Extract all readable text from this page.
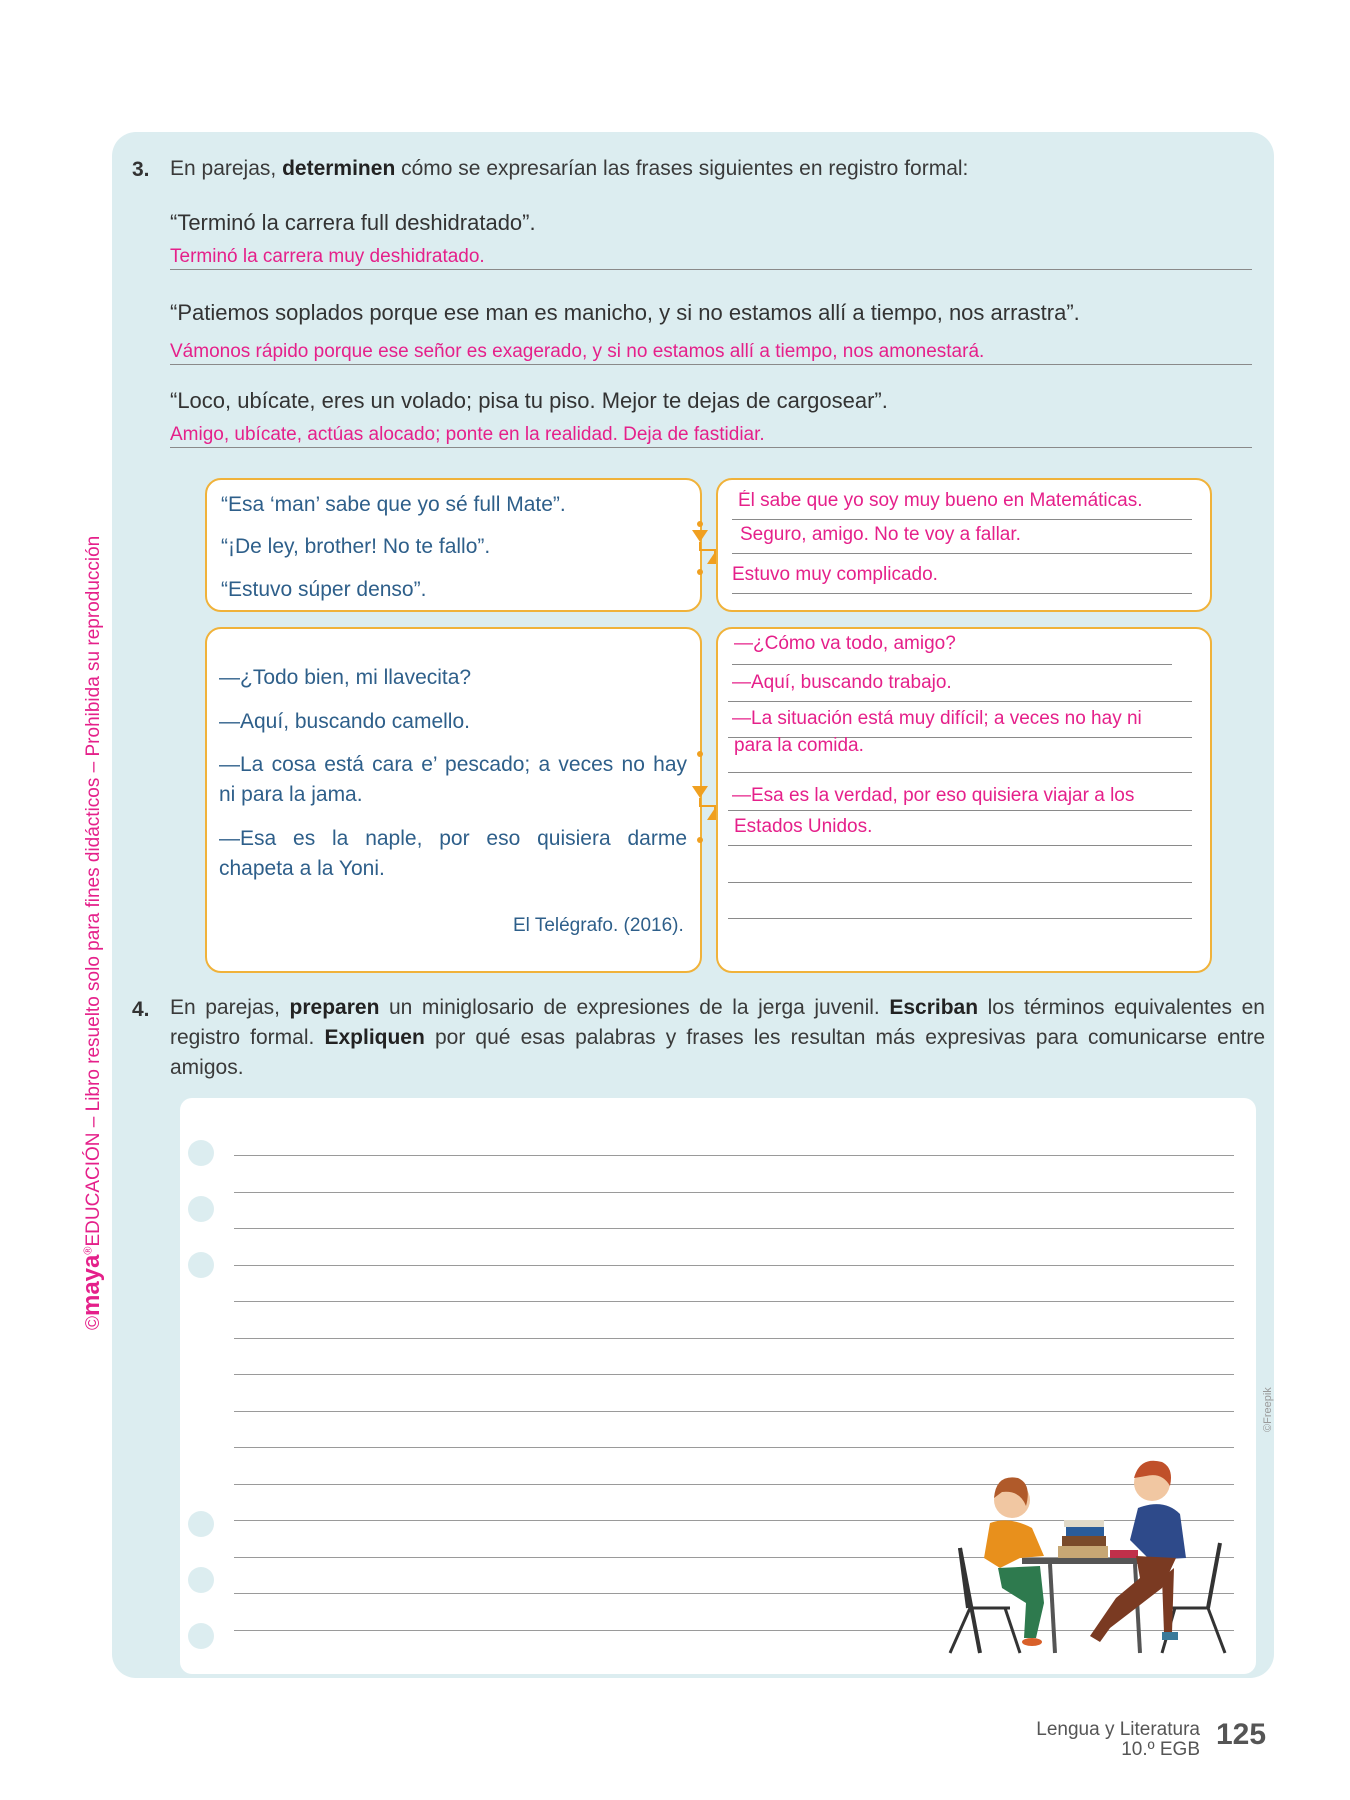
©maya®EDUCACIÓN – Libro resuelto solo para fines didácticos – Prohibida su reproducción
3. En parejas, determinen cómo se expresarían las frases siguientes en registro formal:
“Terminó la carrera full deshidratado”.
Terminó la carrera muy deshidratado.
“Patiemos soplados porque ese man es manicho, y si no estamos allí a tiempo, nos arrastra”.
Vámonos rápido porque ese señor es exagerado, y si no estamos allí a tiempo, nos amonestará.
“Loco, ubícate, eres un volado; pisa tu piso. Mejor te dejas de cargosear”.
Amigo, ubícate, actúas alocado; ponte en la realidad. Deja de fastidiar.
“Esa ‘man’ sabe que yo sé full Mate”.
“¡De ley, brother! No te fallo”.
“Estuvo súper denso”.
Él sabe que yo soy muy bueno en Matemáticas.
Seguro, amigo. No te voy a fallar.
Estuvo muy complicado.
—¿Todo bien, mi llavecita?
—Aquí, buscando camello.
—La cosa está cara e’ pescado; a veces no hay ni para la jama.
—Esa es la naple, por eso quisiera darme chapeta a la Yoni.
El Telégrafo. (2016).
—¿Cómo va todo, amigo?
—Aquí, buscando trabajo.
—La situación está muy difícil; a veces no hay ni
para la comida.
—Esa es la verdad, por eso quisiera viajar a los
Estados Unidos.
4. En parejas, preparen un miniglosario de expresiones de la jerga juvenil. Escriban los términos equivalentes en registro formal. Expliquen por qué esas palabras y frases les resultan más expresivas para comunicarse entre amigos.
©Freepik
Lengua y Literatura
10.º EGB 125
